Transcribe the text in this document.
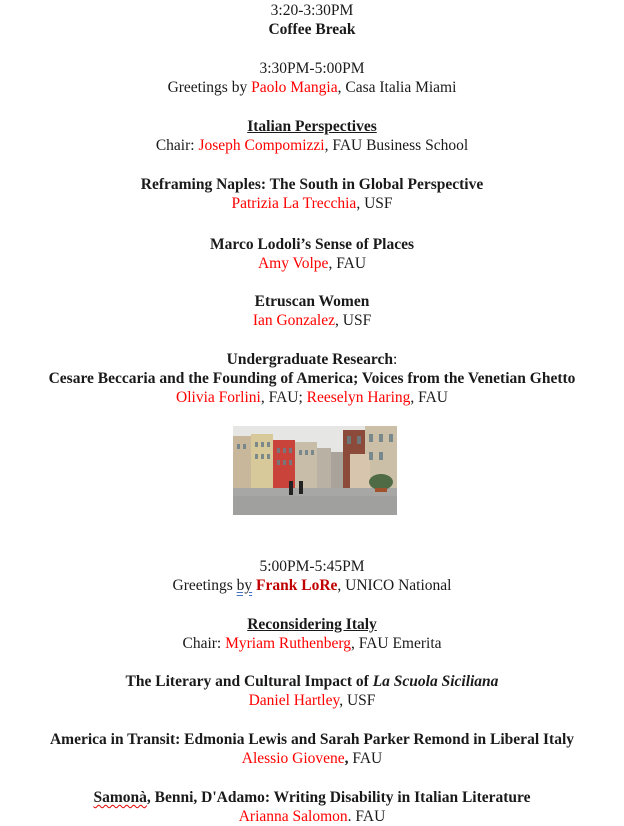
3:20-3:30PM
Coffee Break
3:30PM-5:00PM
Greetings by Paolo Mangia, Casa Italia Miami
Italian Perspectives
Chair: Joseph Compomizzi, FAU Business School
Reframing Naples: The South in Global Perspective
Patrizia La Trecchia, USF
Marco Lodoli’s Sense of Places
Amy Volpe, FAU
Etruscan Women
Ian Gonzalez, USF
Undergraduate Research:
Cesare Beccaria and the Founding of America; Voices from the Venetian Ghetto
Olivia Forlini, FAU; Reeselyn Haring, FAU
5:00PM-5:45PM
Greetings by Frank LoRe, UNICO National
Reconsidering Italy
Chair: Myriam Ruthenberg, FAU Emerita
The Literary and Cultural Impact of La Scuola Siciliana
Daniel Hartley, USF
America in Transit: Edmonia Lewis and Sarah Parker Remond in Liberal Italy
Alessio Giovene, FAU
Samonà, Benni, D'Adamo: Writing Disability in Italian Literature
Arianna Salomon. FAU
